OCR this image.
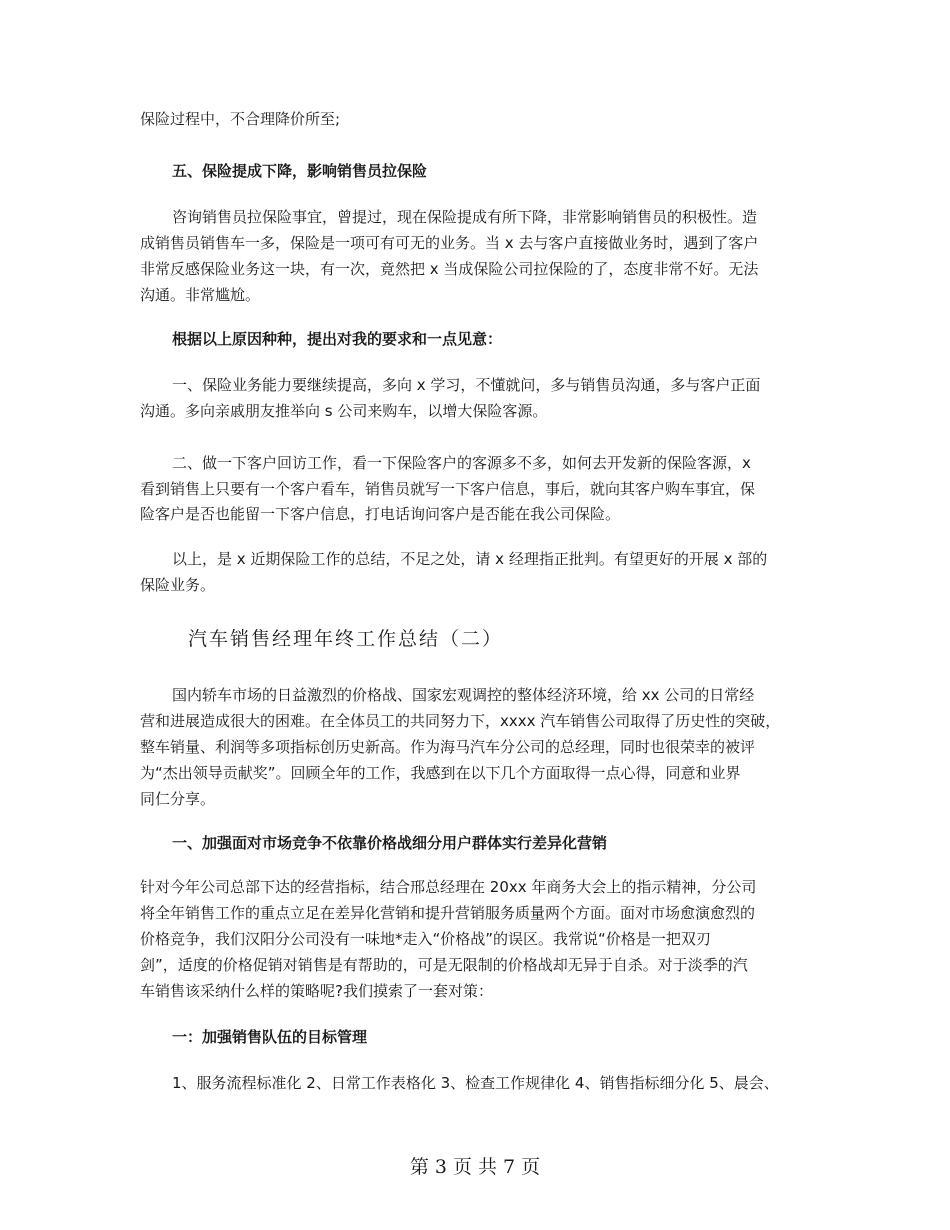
保险过程中，不合理降价所至;
五、保险提成下降，影响销售员拉保险
咨询销售员拉保险事宜，曾提过，现在保险提成有所下降，非常影响销售员的积极性。造
成销售员销售车一多，保险是一项可有可无的业务。当 x 去与客户直接做业务时，遇到了客户
非常反感保险业务这一块，有一次，竟然把 x 当成保险公司拉保险的了，态度非常不好。无法
沟通。非常尴尬。
根据以上原因种种，提出对我的要求和一点见意：
一、保险业务能力要继续提高，多向 x 学习，不懂就问，多与销售员沟通，多与客户正面
沟通。多向亲戚朋友推举向 s 公司来购车，以增大保险客源。
二、做一下客户回访工作，看一下保险客户的客源多不多，如何去开发新的保险客源，x
看到销售上只要有一个客户看车，销售员就写一下客户信息，事后，就向其客户购车事宜，保
险客户是否也能留一下客户信息，打电话询问客户是否能在我公司保险。
以上，是 x 近期保险工作的总结，不足之处，请 x 经理指正批判。有望更好的开展 x 部的
保险业务。
汽车销售经理年终工作总结（二）
国内轿车市场的日益激烈的价格战、国家宏观调控的整体经济环境，给 xx 公司的日常经
营和进展造成很大的困难。在全体员工的共同努力下，xxxx 汽车销售公司取得了历史性的突破，
整车销量、利润等多项指标创历史新高。作为海马汽车分公司的总经理，同时也很荣幸的被评
为“杰出领导贡献奖”。回顾全年的工作，我感到在以下几个方面取得一点心得，同意和业界
同仁分享。
一、加强面对市场竞争不依靠价格战细分用户群体实行差异化营销
针对今年公司总部下达的经营指标，结合邢总经理在 20xx 年商务大会上的指示精神，分公司
将全年销售工作的重点立足在差异化营销和提升营销服务质量两个方面。面对市场愈演愈烈的
价格竞争，我们汉阳分公司没有一味地*走入“价格战”的误区。我常说“价格是一把双刃
剑”，适度的价格促销对销售是有帮助的，可是无限制的价格战却无异于自杀。对于淡季的汽
车销售该采纳什么样的策略呢?我们摸索了一套对策：
一：加强销售队伍的目标管理
1、服务流程标准化 2、日常工作表格化 3、检查工作规律化 4、销售指标细分化 5、晨会、
第 3 页 共 7 页
